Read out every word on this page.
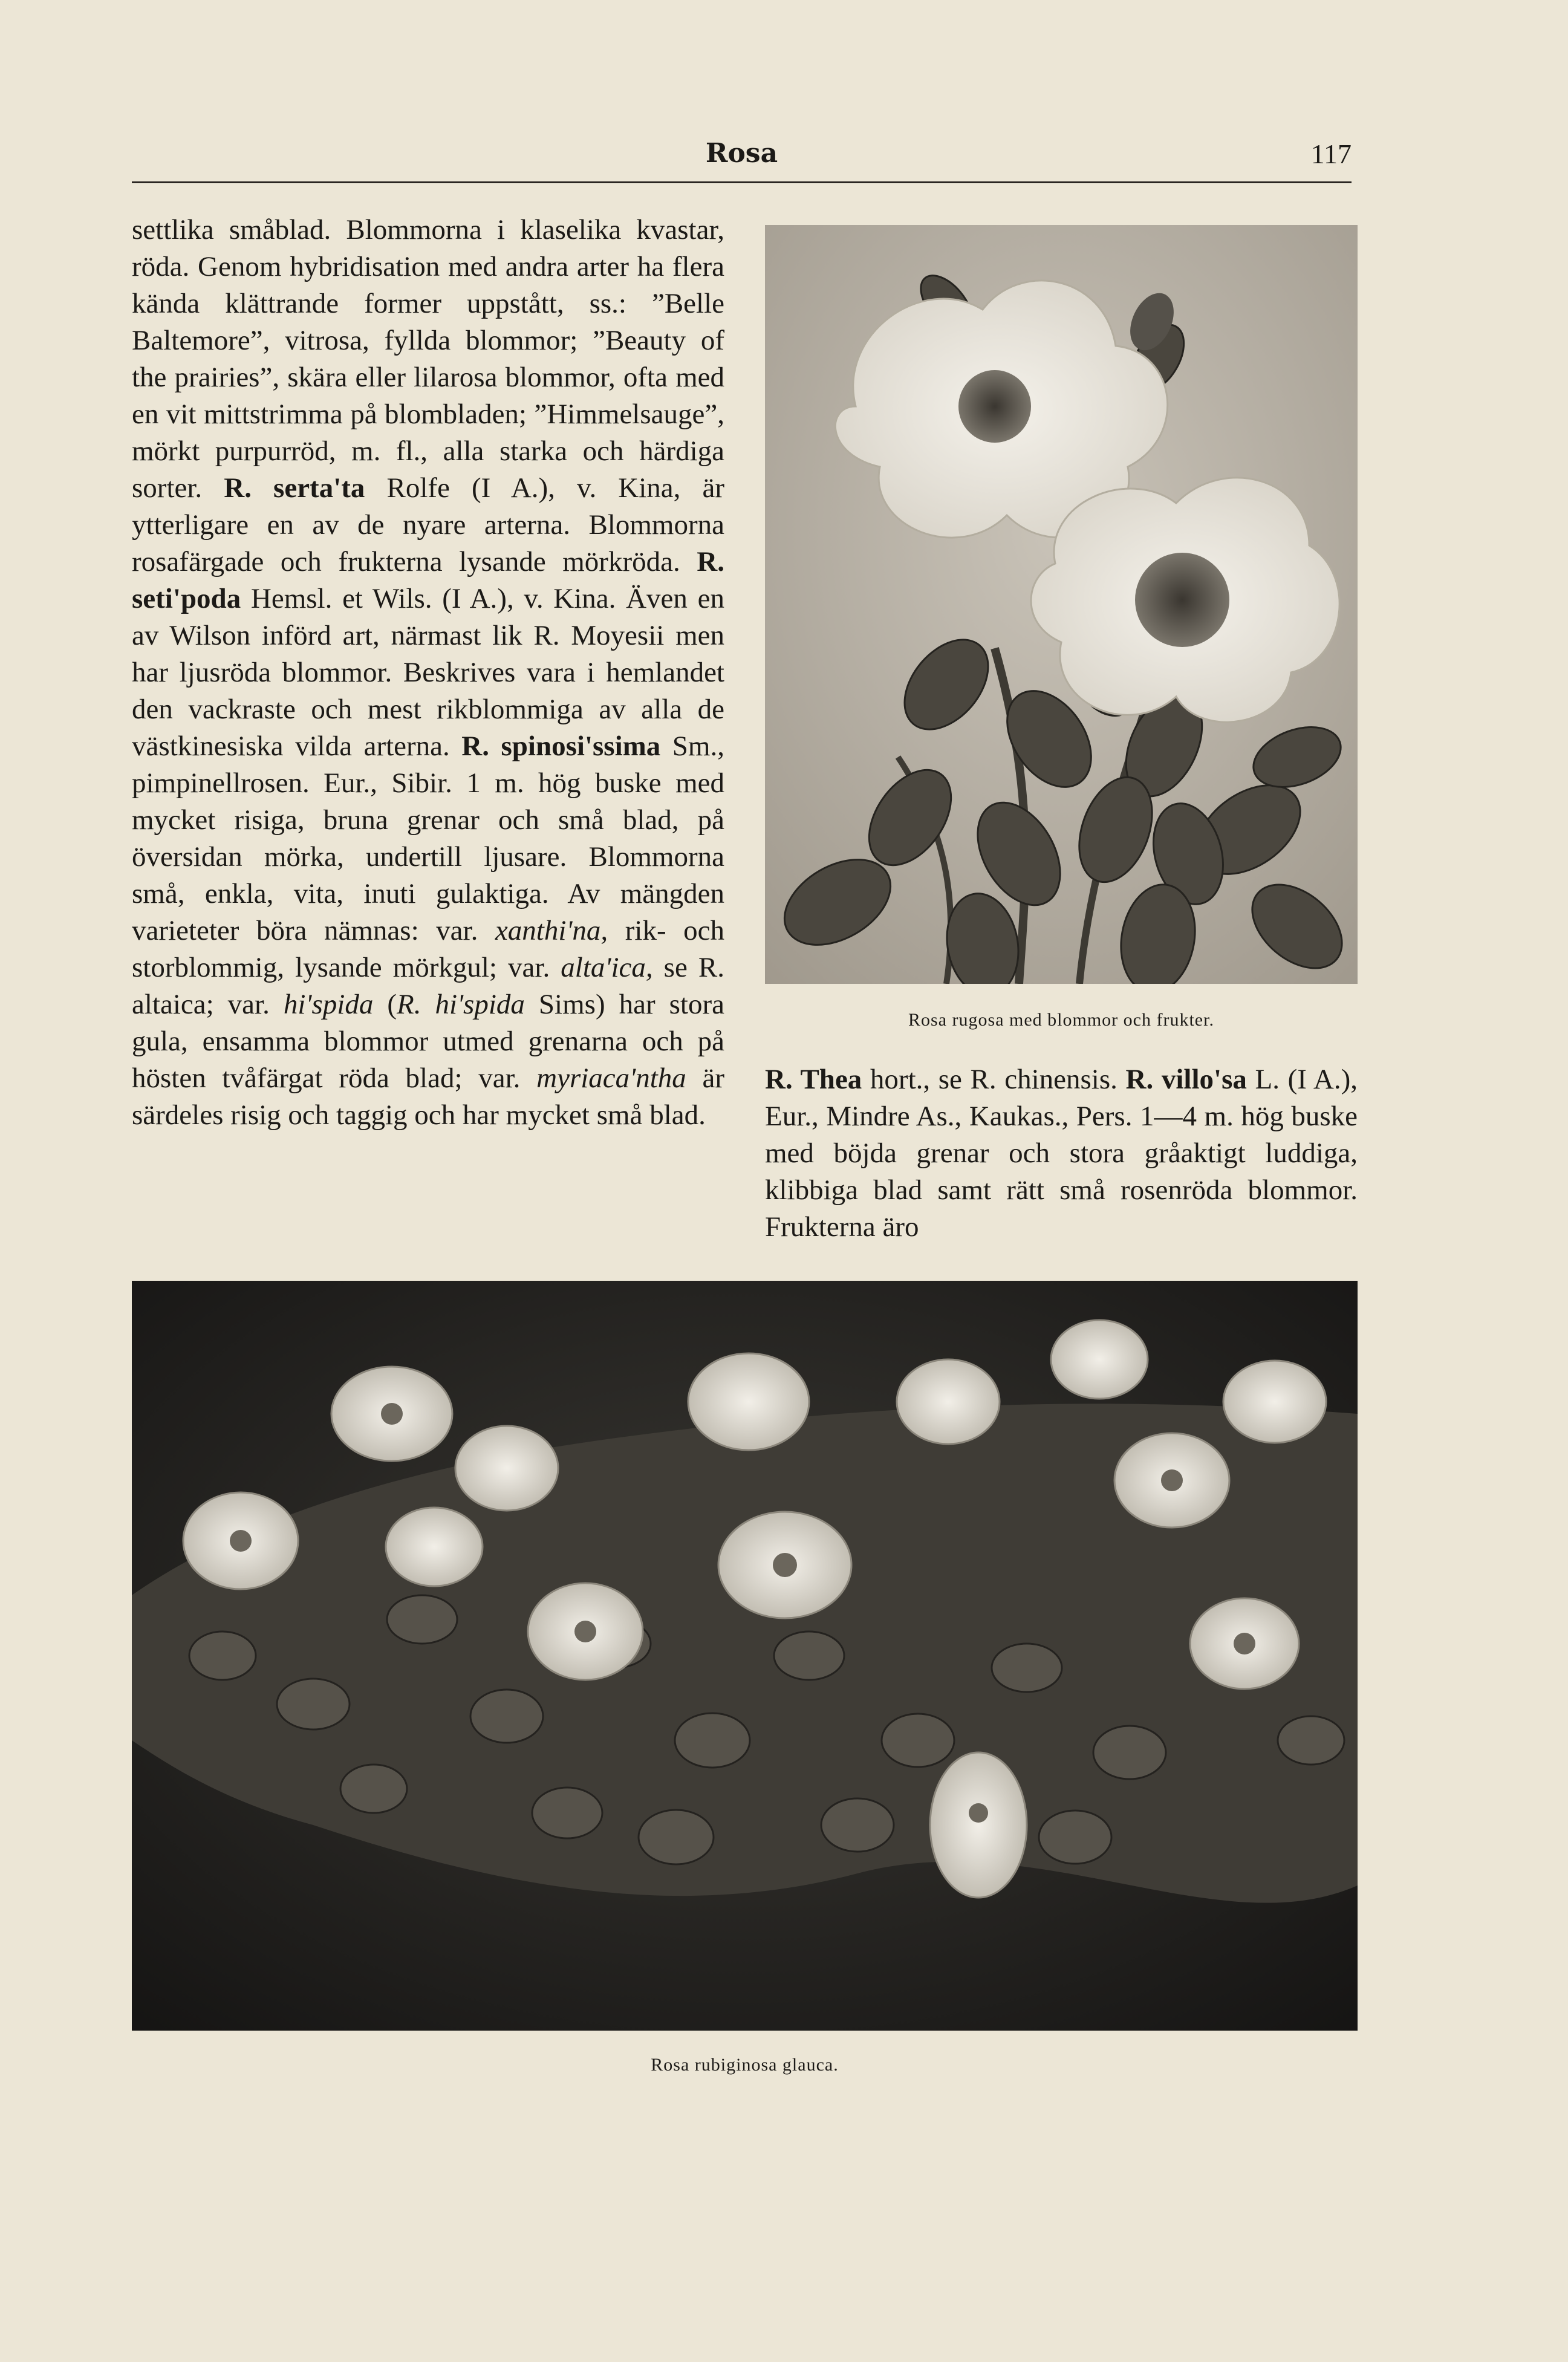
Rosa	117

settlika småblad. Blommorna i klaselika kvastar, röda. Genom hybridisation med andra arter ha flera kända klättrande former uppstått, ss.: ”Belle Baltemore”, vitrosa, fyllda blommor; ”Beauty of the prairies”, skära eller lilarosa blommor, ofta med en vit mittstrimma på blombladen; ”Himmelsauge”, mörkt purpurröd, m. fl., alla starka och härdiga sorter. R. serta'ta Rolfe (I A.), v. Kina, är ytterligare en av de nyare arterna. Blommorna rosafärgade och frukterna lysande mörkröda. R. seti'poda Hemsl. et Wils. (I A.), v. Kina. Även en av Wilson införd art, närmast lik R. Moyesii men har ljusröda blommor. Beskrives vara i hemlandet den vackraste och mest rikblommiga av alla de västkinesiska vilda arterna. R. spinosi'ssima Sm., pimpinellrosen. Eur., Sibir. 1 m. hög buske med mycket risiga, bruna grenar och små blad, på översidan mörka, undertill ljusare. Blommorna små, enkla, vita, inuti gulaktiga. Av mängden varieteter böra nämnas: var. xanthi'na, rik- och storblommig, lysande mörkgul; var. alta'ica, se R. altaica; var. hi'spida (R. hi'spida Sims) har stora gula, ensamma blommor utmed grenarna och på hösten tvåfärgat röda blad; var. myriaca'ntha är särdeles risig och taggig och har mycket små blad.

Rosa rugosa med blommor och frukter.

R. Thea hort., se R. chinensis. R. villo'sa L. (I A.), Eur., Mindre As., Kaukas., Pers. 1—4 m. hög buske med böjda grenar och stora gråaktigt luddiga, klibbiga blad samt rätt små rosenröda blommor. Frukterna äro

Rosa rubiginosa glauca.
